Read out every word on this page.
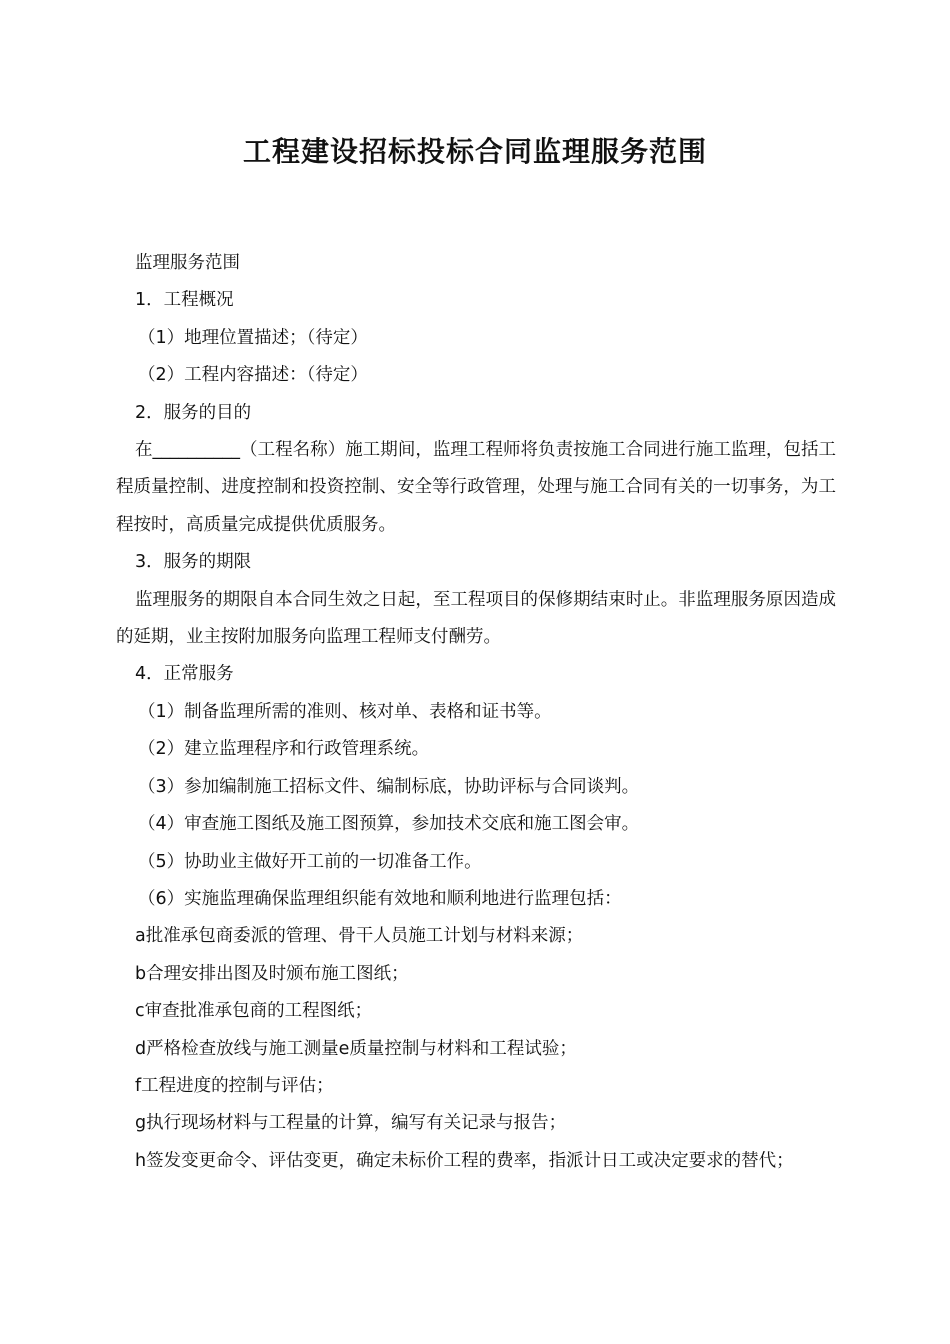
工程建设招标投标合同监理服务范围

监理服务范围

1．工程概况

（1）地理位置描述；（待定）

（2）工程内容描述：（待定）

2．服务的目的

在__________（工程名称）施工期间，监理工程师将负责按施工合同进行施工监理，包括工程质量控制、进度控制和投资控制、安全等行政管理，处理与施工合同有关的一切事务，为工程按时，高质量完成提供优质服务。

3．服务的期限

监理服务的期限自本合同生效之日起，至工程项目的保修期结束时止。非监理服务原因造成的延期，业主按附加服务向监理工程师支付酬劳。

4．正常服务

（1）制备监理所需的准则、核对单、表格和证书等。

（2）建立监理程序和行政管理系统。

（3）参加编制施工招标文件、编制标底，协助评标与合同谈判。

（4）审查施工图纸及施工图预算，参加技术交底和施工图会审。

（5）协助业主做好开工前的一切准备工作。

（6）实施监理确保监理组织能有效地和顺利地进行监理包括：

a批准承包商委派的管理、骨干人员施工计划与材料来源；

b合理安排出图及时颁布施工图纸；

c审查批准承包商的工程图纸；

d严格检查放线与施工测量e质量控制与材料和工程试验；

f工程进度的控制与评估；

g执行现场材料与工程量的计算，编写有关记录与报告；

h签发变更命令、评估变更，确定未标价工程的费率，指派计日工或决定要求的替代；
